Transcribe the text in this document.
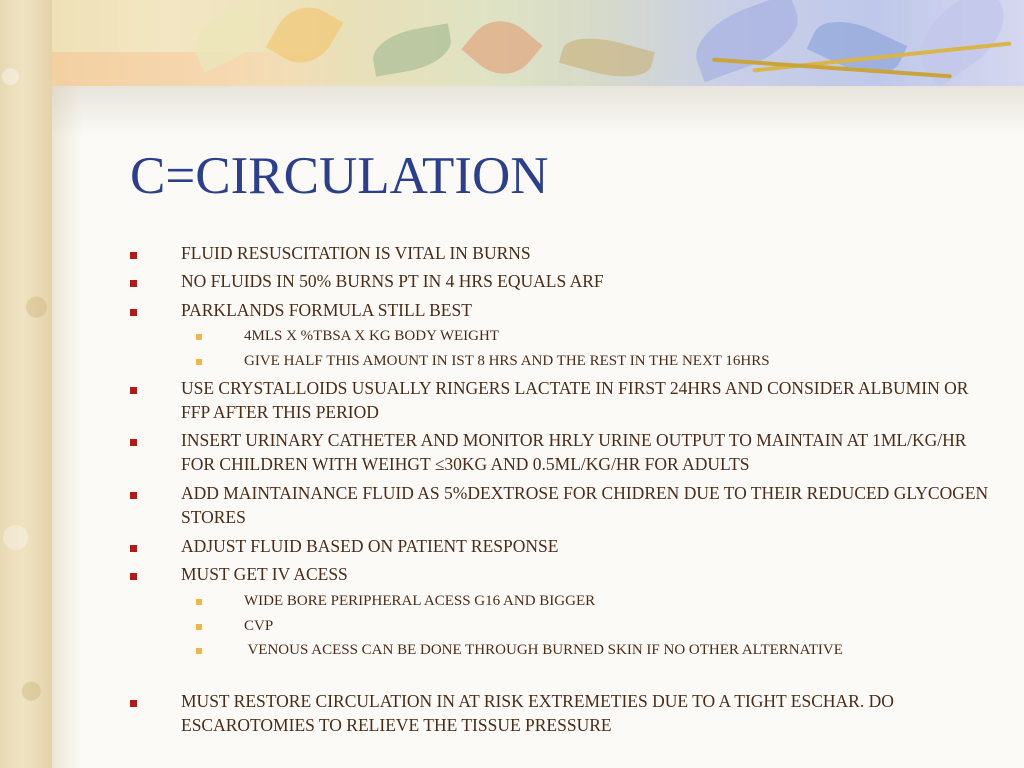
C=CIRCULATION
FLUID RESUSCITATION IS VITAL IN BURNS
NO FLUIDS IN 50% BURNS PT IN 4 HRS EQUALS ARF
PARKLANDS FORMULA STILL BEST
4MLS X %TBSA X KG BODY WEIGHT
GIVE HALF THIS AMOUNT IN IST 8 HRS AND THE REST IN THE NEXT 16HRS
USE CRYSTALLOIDS USUALLY RINGERS LACTATE IN FIRST 24HRS AND CONSIDER ALBUMIN OR FFP AFTER THIS PERIOD
INSERT URINARY CATHETER AND MONITOR HRLY URINE OUTPUT TO MAINTAIN AT 1ML/KG/HR FOR CHILDREN WITH WEIHGT ≤30KG AND 0.5ML/KG/HR FOR ADULTS
ADD MAINTAINANCE FLUID AS 5%DEXTROSE FOR CHIDREN DUE TO THEIR REDUCED GLYCOGEN STORES
ADJUST FLUID BASED ON PATIENT RESPONSE
MUST GET IV ACESS
WIDE BORE PERIPHERAL ACESS G16 AND BIGGER
CVP
VENOUS ACESS CAN BE DONE THROUGH BURNED SKIN IF NO OTHER ALTERNATIVE
MUST RESTORE CIRCULATION IN AT RISK EXTREMETIES DUE TO A TIGHT ESCHAR. DO ESCAROTOMIES TO RELIEVE THE TISSUE PRESSURE
